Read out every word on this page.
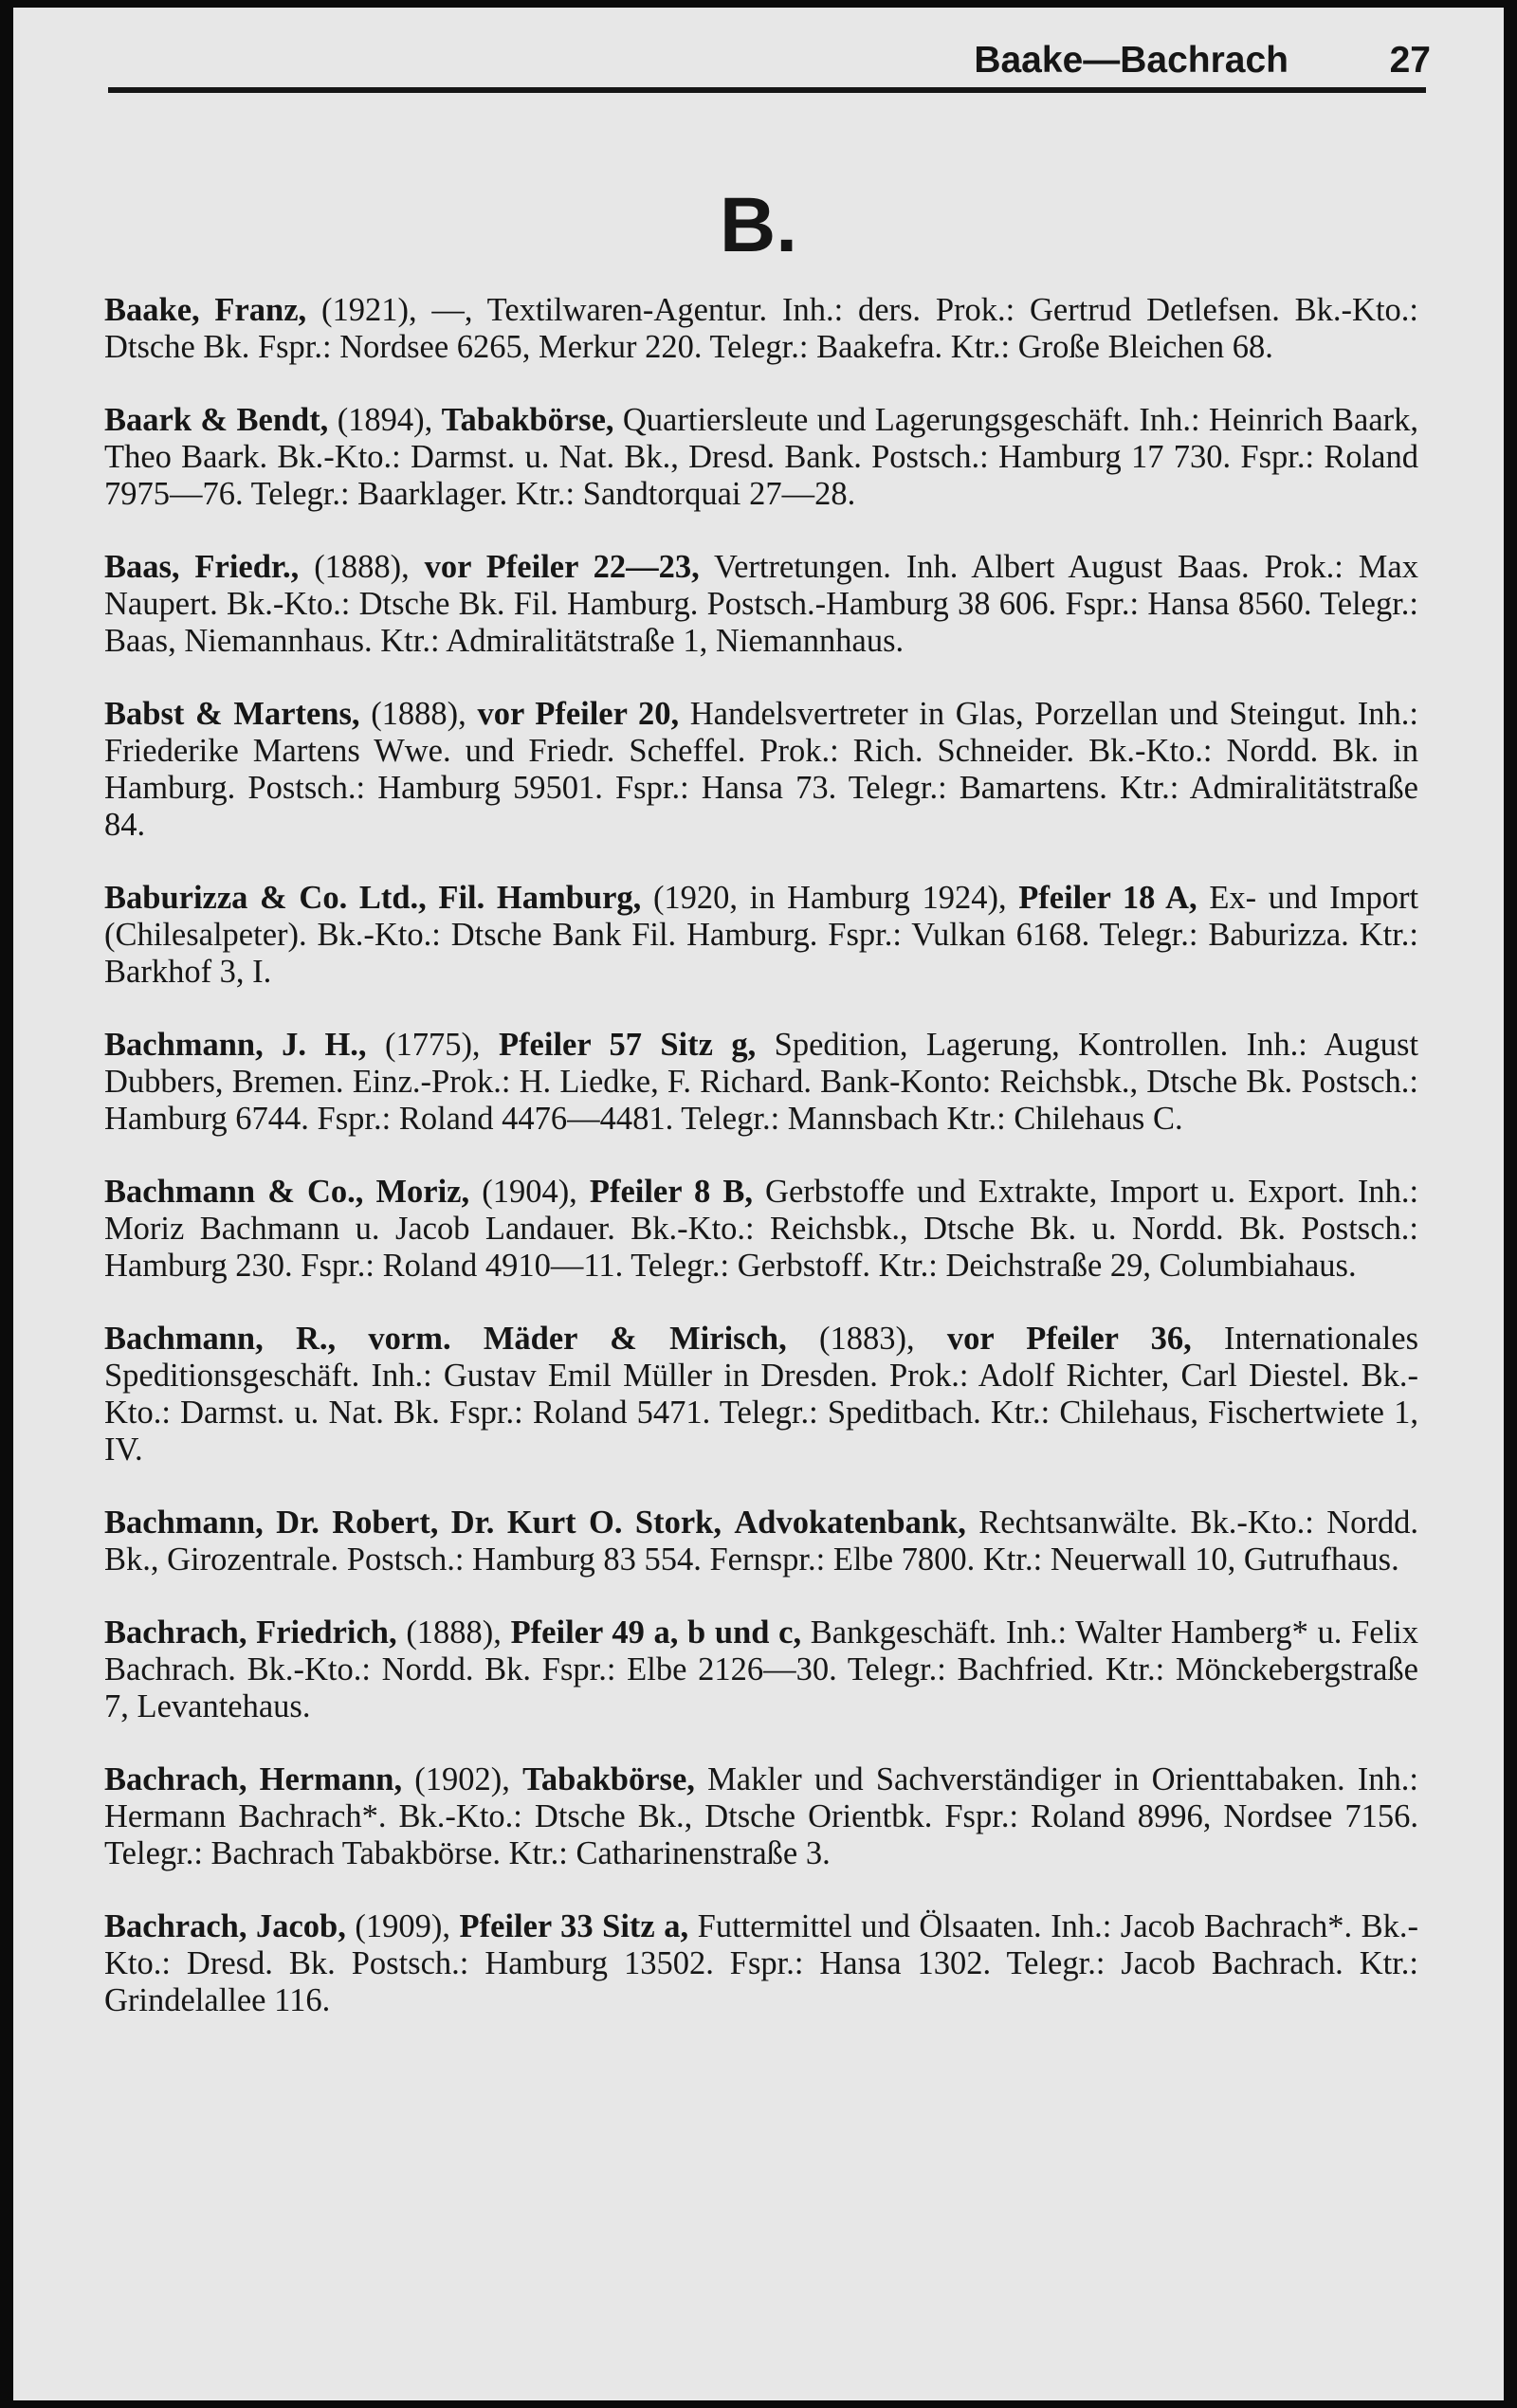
Baake—Bachrach	27
B.

Baake, Franz, (1921), —, Textilwaren-Agentur. Inh.: ders. Prok.: Gertrud Detlefsen. Bk.-Kto.: Dtsche Bk. Fspr.: Nordsee 6265, Merkur 220. Telegr.: Baakefra. Ktr.: Große Bleichen 68.

Baark & Bendt, (1894), Tabakbörse, Quartiersleute und Lagerungsgeschäft. Inh.: Heinrich Baark, Theo Baark. Bk.-Kto.: Darmst. u. Nat. Bk., Dresd. Bank. Postsch.: Hamburg 17 730. Fspr.: Roland 7975—76. Telegr.: Baarklager. Ktr.: Sandtorquai 27—28.

Baas, Friedr., (1888), vor Pfeiler 22—23, Vertretungen. Inh. Albert August Baas. Prok.: Max Naupert. Bk.-Kto.: Dtsche Bk. Fil. Hamburg. Postsch.-Hamburg 38 606. Fspr.: Hansa 8560. Telegr.: Baas, Niemannhaus. Ktr.: Admiralitätstraße 1, Niemannhaus.

Babst & Martens, (1888), vor Pfeiler 20, Handelsvertreter in Glas, Porzellan und Steingut. Inh.: Friederike Martens Wwe. und Friedr. Scheffel. Prok.: Rich. Schneider. Bk.-Kto.: Nordd. Bk. in Hamburg. Postsch.: Hamburg 59501. Fspr.: Hansa 73. Telegr.: Bamartens. Ktr.: Admiralitätstraße 84.

Baburizza & Co. Ltd., Fil. Hamburg, (1920, in Hamburg 1924), Pfeiler 18 A, Ex- und Import (Chilesalpeter). Bk.-Kto.: Dtsche Bank Fil. Hamburg. Fspr.: Vulkan 6168. Telegr.: Baburizza. Ktr.: Barkhof 3, I.

Bachmann, J. H., (1775), Pfeiler 57 Sitz g, Spedition, Lagerung, Kontrollen. Inh.: August Dubbers, Bremen. Einz.-Prok.: H. Liedke, F. Richard. Bank-Konto: Reichsbk., Dtsche Bk. Postsch.: Hamburg 6744. Fspr.: Roland 4476—4481. Telegr.: Mannsbach Ktr.: Chilehaus C.

Bachmann & Co., Moriz, (1904), Pfeiler 8 B, Gerbstoffe und Extrakte, Import u. Export. Inh.: Moriz Bachmann u. Jacob Landauer. Bk.-Kto.: Reichsbk., Dtsche Bk. u. Nordd. Bk. Postsch.: Hamburg 230. Fspr.: Roland 4910—11. Telegr.: Gerbstoff. Ktr.: Deichstraße 29, Columbiahaus.

Bachmann, R., vorm. Mäder & Mirisch, (1883), vor Pfeiler 36, Internationales Speditionsgeschäft. Inh.: Gustav Emil Müller in Dresden. Prok.: Adolf Richter, Carl Diestel. Bk.-Kto.: Darmst. u. Nat. Bk. Fspr.: Roland 5471. Telegr.: Speditbach. Ktr.: Chilehaus, Fischertwiete 1, IV.

Bachmann, Dr. Robert, Dr. Kurt O. Stork, Advokatenbank, Rechtsanwälte. Bk.-Kto.: Nordd. Bk., Girozentrale. Postsch.: Hamburg 83 554. Fernspr.: Elbe 7800. Ktr.: Neuerwall 10, Gutrufhaus.

Bachrach, Friedrich, (1888), Pfeiler 49 a, b und c, Bankgeschäft. Inh.: Walter Hamberg* u. Felix Bachrach. Bk.-Kto.: Nordd. Bk. Fspr.: Elbe 2126—30. Telegr.: Bachfried. Ktr.: Mönckebergstraße 7, Levantehaus.

Bachrach, Hermann, (1902), Tabakbörse, Makler und Sachverständiger in Orienttabaken. Inh.: Hermann Bachrach*. Bk.-Kto.: Dtsche Bk., Dtsche Orientbk. Fspr.: Roland 8996, Nordsee 7156. Telegr.: Bachrach Tabakbörse. Ktr.: Catharinenstraße 3.

Bachrach, Jacob, (1909), Pfeiler 33 Sitz a, Futtermittel und Ölsaaten. Inh.: Jacob Bachrach*. Bk.-Kto.: Dresd. Bk. Postsch.: Hamburg 13502. Fspr.: Hansa 1302. Telegr.: Jacob Bachrach. Ktr.: Grindelallee 116.
